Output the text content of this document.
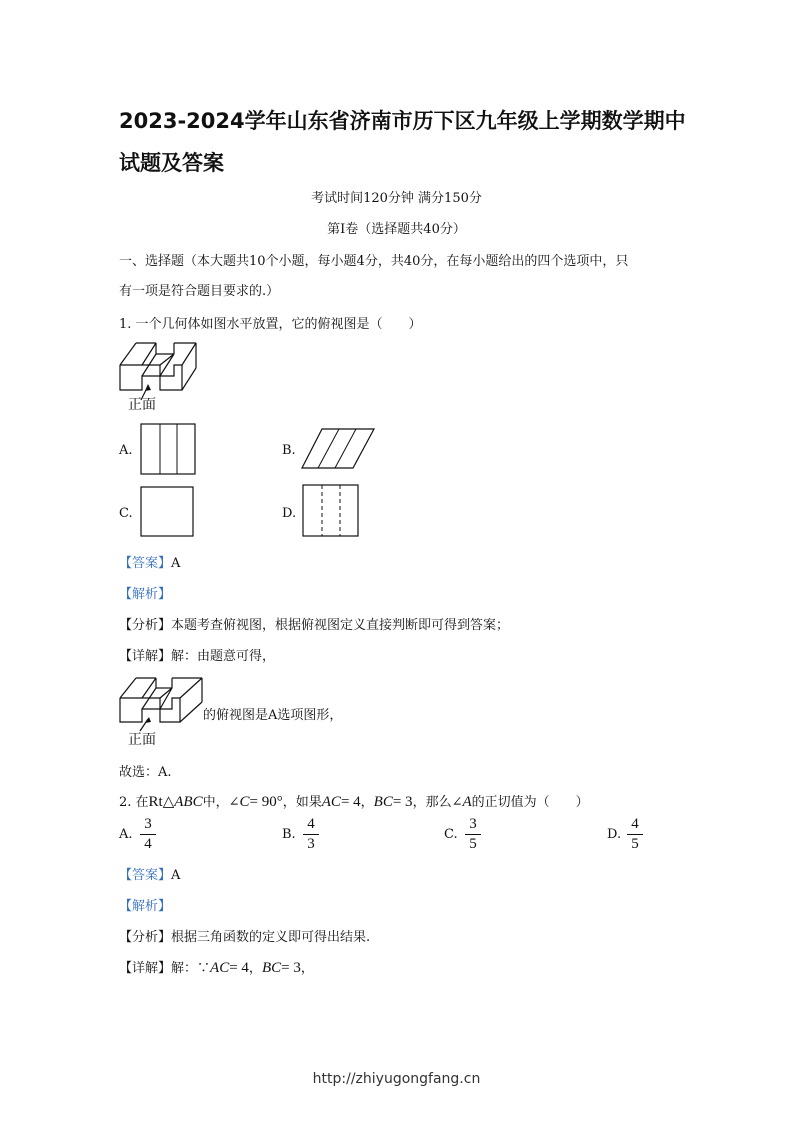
2023-2024学年山东省济南市历下区九年级上学期数学期中
试题及答案
考试时间120分钟 满分150分
第I卷（选择题共40分）
一、选择题（本大题共10个小题，每小题4分，共40分，在每小题给出的四个选项中，只
有一项是符合题目要求的.）
1. 一个几何体如图水平放置，它的俯视图是（　　）
正面
A.	B.
C.	D.
【答案】A
【解析】
【分析】本题考查俯视图，根据俯视图定义直接判断即可得到答案；
【详解】解：由题意可得，
的俯视图是A选项图形，
正面
故选：A.
2. 在Rt△ABC中，∠C= 90°，如果AC= 4，BC= 3，那么∠A的正切值为（　　）
A.
3
4
B.
4
3
C.
3
5
D.
4
5
【答案】A
【解析】
【分析】根据三角函数的定义即可得出结果.
【详解】解：∵AC= 4，BC= 3，
http://zhiyugongfang.cn
